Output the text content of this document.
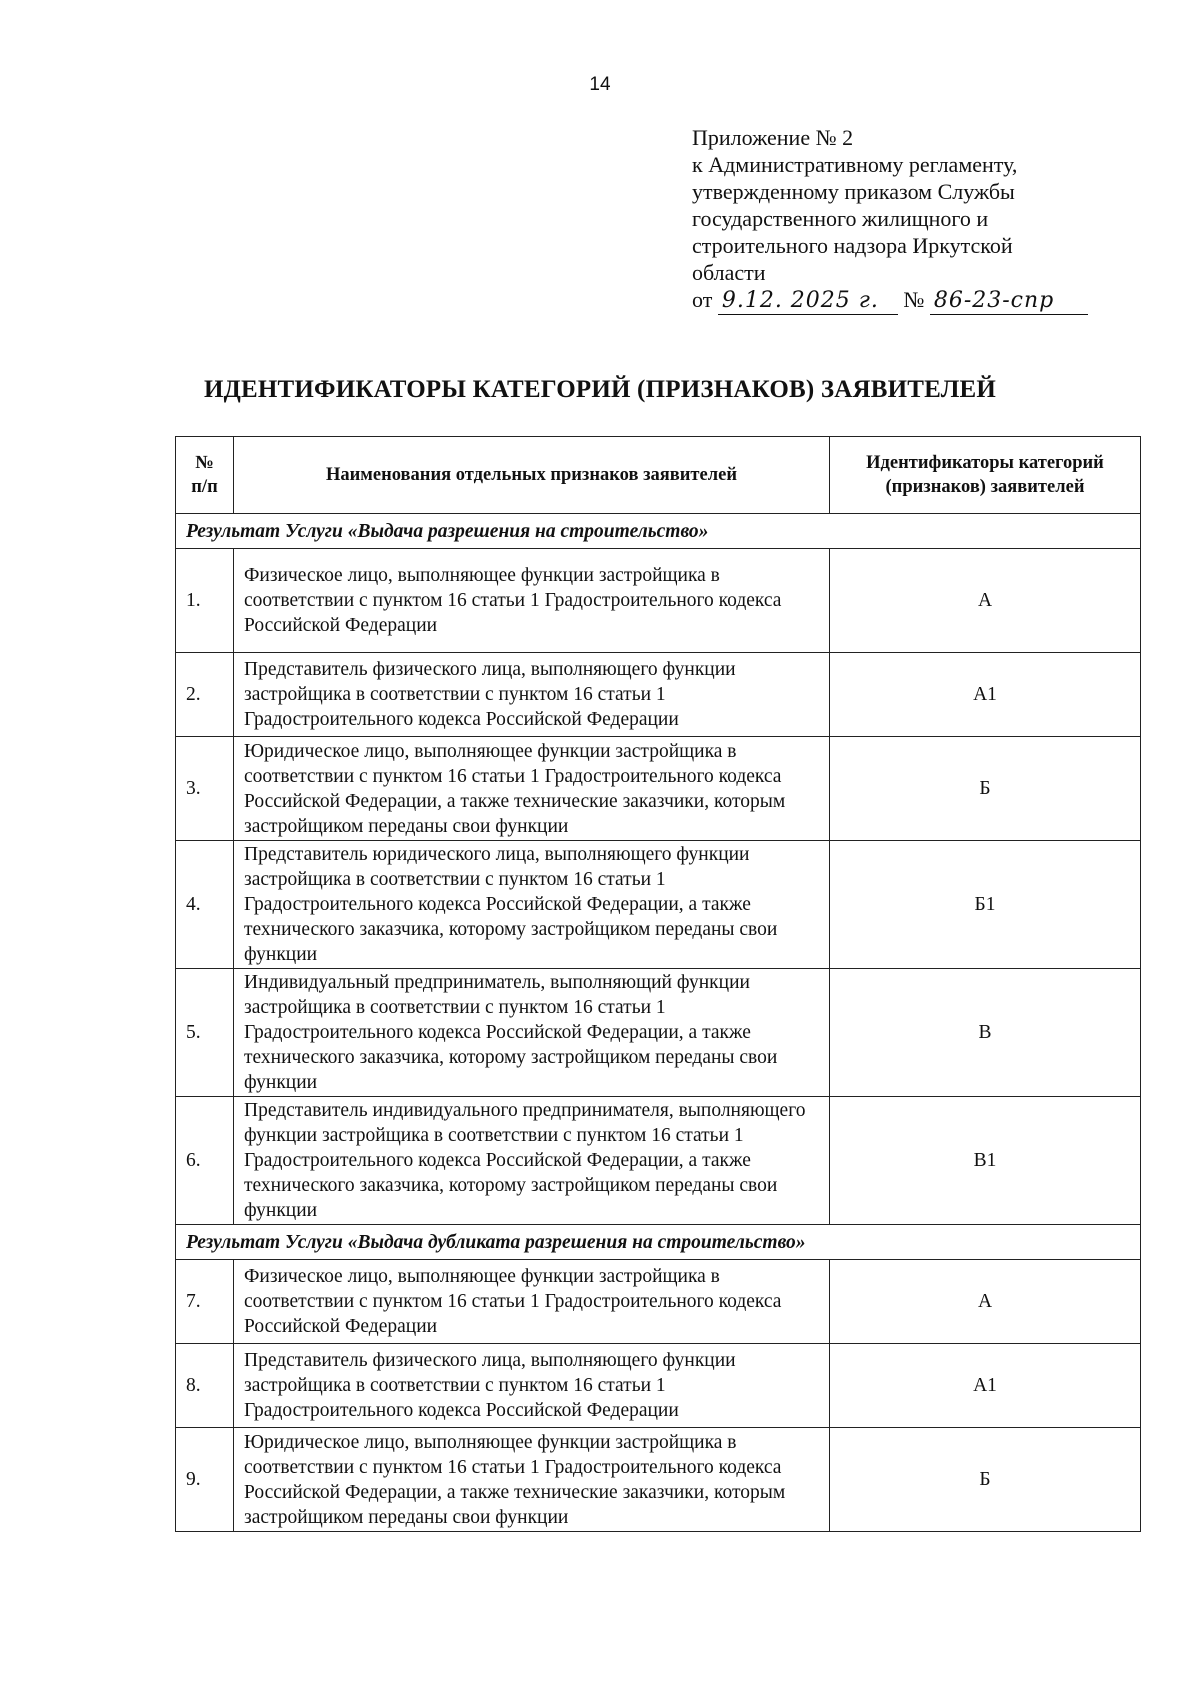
14
Приложение № 2
к Административному регламенту,
утвержденному приказом Службы
государственного жилищного и
строительного надзора Иркутской
области
от 9.12. 2025 г. № 86-23-спр
ИДЕНТИФИКАТОРЫ КАТЕГОРИЙ (ПРИЗНАКОВ) ЗАЯВИТЕЛЕЙ
№ п/п	Наименования отдельных признаков заявителей	Идентификаторы категорий (признаков) заявителей
Результат Услуги «Выдача разрешения на строительство»		
1.	Физическое лицо, выполняющее функции застройщика в соответствии с пунктом 16 статьи 1 Градостроительного кодекса Российской Федерации	А
2.	Представитель физического лица, выполняющего функции застройщика в соответствии с пунктом 16 статьи 1 Градостроительного кодекса Российской Федерации	А1
3.	Юридическое лицо, выполняющее функции застройщика в соответствии с пунктом 16 статьи 1 Градостроительного кодекса Российской Федерации, а также технические заказчики, которым застройщиком переданы свои функции	Б
4.	Представитель юридического лица, выполняющего функции застройщика в соответствии с пунктом 16 статьи 1 Градостроительного кодекса Российской Федерации, а также технического заказчика, которому застройщиком переданы свои функции	Б1
5.	Индивидуальный предприниматель, выполняющий функции застройщика в соответствии с пунктом 16 статьи 1 Градостроительного кодекса Российской Федерации, а также технического заказчика, которому застройщиком переданы свои функции	В
6.	Представитель индивидуального предпринимателя, выполняющего функции застройщика в соответствии с пунктом 16 статьи 1 Градостроительного кодекса Российской Федерации, а также технического заказчика, которому застройщиком переданы свои функции	В1
Результат Услуги «Выдача дубликата разрешения на строительство»		
7.	Физическое лицо, выполняющее функции застройщика в соответствии с пунктом 16 статьи 1 Градостроительного кодекса Российской Федерации	А
8.	Представитель физического лица, выполняющего функции застройщика в соответствии с пунктом 16 статьи 1 Градостроительного кодекса Российской Федерации	А1
9.	Юридическое лицо, выполняющее функции застройщика в соответствии с пунктом 16 статьи 1 Градостроительного кодекса Российской Федерации, а также технические заказчики, которым застройщиком переданы свои функции	Б
